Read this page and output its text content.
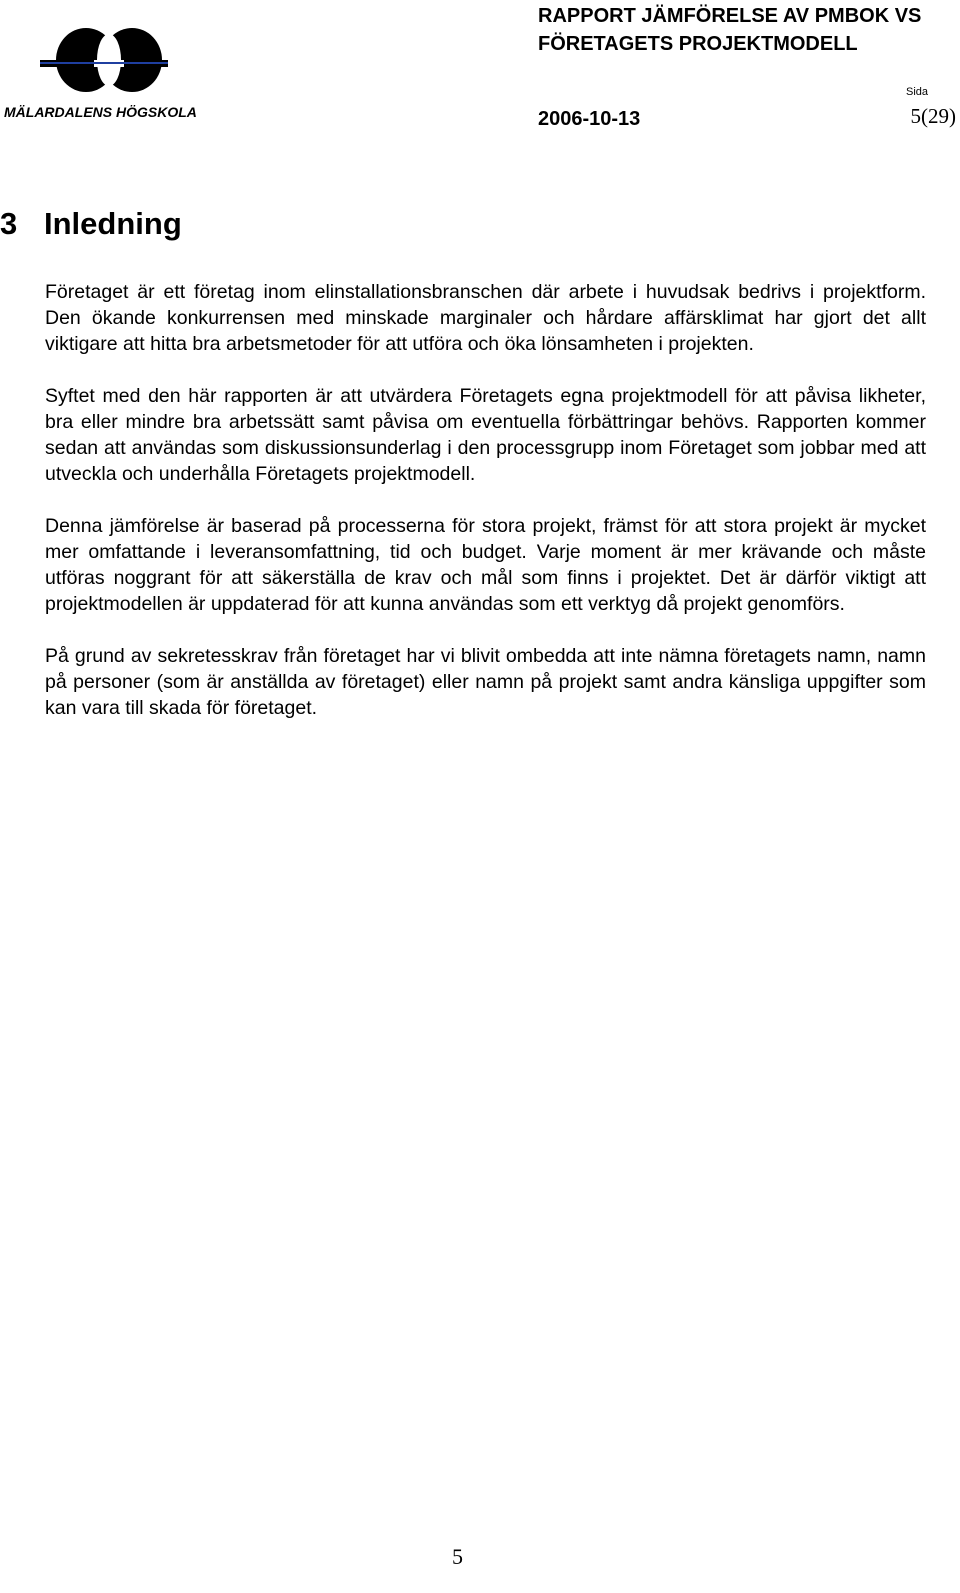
MÄLARDALENS HÖGSKOLA
RAPPORT JÄMFÖRELSE AV PMBOK VS
FÖRETAGETS PROJEKTMODELL
Sida
2006-10-13	5(29)
3 Inledning

Företaget är ett företag inom elinstallationsbranschen där arbete i huvudsak bedrivs i projektform. Den ökande konkurrensen med minskade marginaler och hårdare affärsklimat har gjort det allt viktigare att hitta bra arbetsmetoder för att utföra och öka lönsamheten i projekten.

Syftet med den här rapporten är att utvärdera Företagets egna projektmodell för att påvisa likheter, bra eller mindre bra arbetssätt samt påvisa om eventuella förbättringar behövs. Rapporten kommer sedan att användas som diskussionsunderlag i den processgrupp inom Företaget som jobbar med att utveckla och underhålla Företagets projektmodell.

Denna jämförelse är baserad på processerna för stora projekt, främst för att stora projekt är mycket mer omfattande i leveransomfattning, tid och budget. Varje moment är mer krävande och måste utföras noggrant för att säkerställa de krav och mål som finns i projektet. Det är därför viktigt att projektmodellen är uppdaterad för att kunna användas som ett verktyg då projekt genomförs.

På grund av sekretesskrav från företaget har vi blivit ombedda att inte nämna företagets namn, namn på personer (som är anställda av företaget) eller namn på projekt samt andra känsliga uppgifter som kan vara till skada för företaget.

5
